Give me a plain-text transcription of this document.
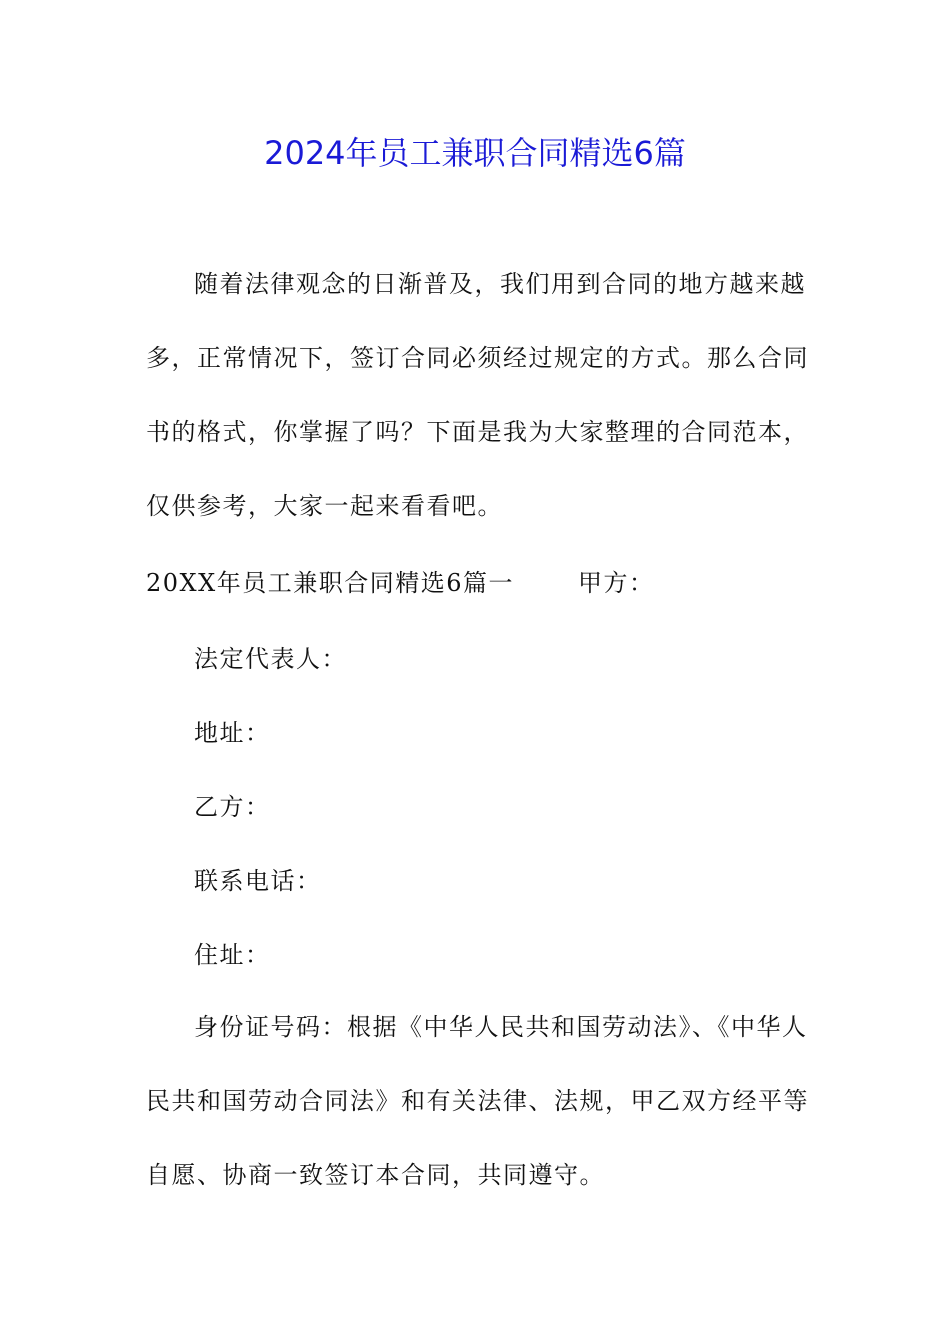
2024年员工兼职合同精选6篇

随着法律观念的日渐普及，我们用到合同的地方越来越多，正常情况下，签订合同必须经过规定的方式。那么合同书的格式，你掌握了吗？下面是我为大家整理的合同范本，仅供参考，大家一起来看看吧。

20XX年员工兼职合同精选6篇一	甲方：
法定代表人：
地址：
乙方：
联系电话：
住址：

身份证号码：根据《中华人民共和国劳动法》、《中华人民共和国劳动合同法》和有关法律、法规，甲乙双方经平等自愿、协商一致签订本合同，共同遵守。
